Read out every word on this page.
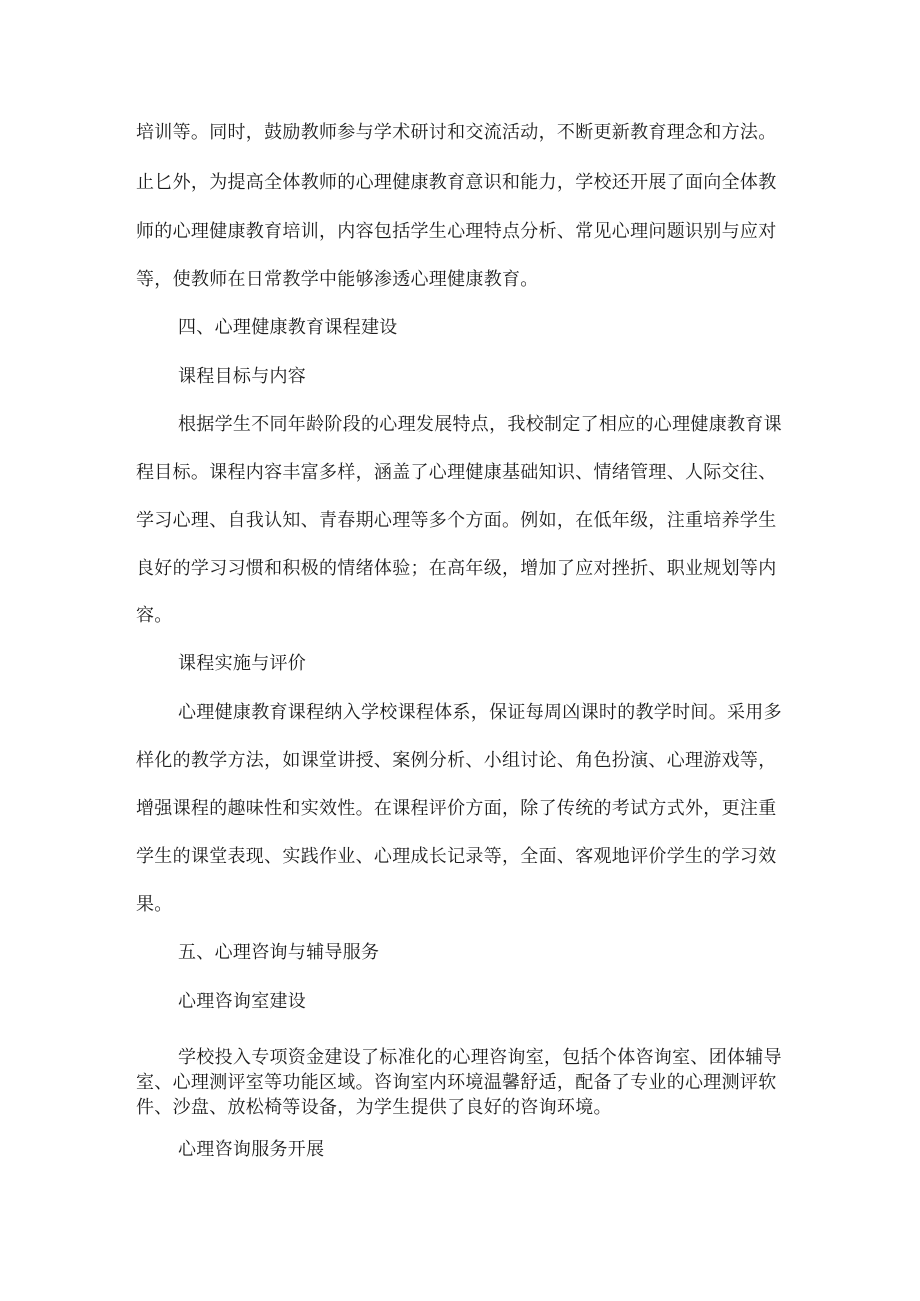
培训等。同时，鼓励教师参与学术研讨和交流活动，不断更新教育理念和方法。
止匕外，为提高全体教师的心理健康教育意识和能力，学校还开展了面向全体教
师的心理健康教育培训，内容包括学生心理特点分析、常见心理问题识别与应对
等，使教师在日常教学中能够渗透心理健康教育。
四、心理健康教育课程建设
课程目标与内容
根据学生不同年龄阶段的心理发展特点，我校制定了相应的心理健康教育课
程目标。课程内容丰富多样，涵盖了心理健康基础知识、情绪管理、人际交往、
学习心理、自我认知、青春期心理等多个方面。例如，在低年级，注重培养学生
良好的学习习惯和积极的情绪体验；在高年级，增加了应对挫折、职业规划等内
容。
课程实施与评价
心理健康教育课程纳入学校课程体系，保证每周凶课时的教学时间。采用多
样化的教学方法，如课堂讲授、案例分析、小组讨论、角色扮演、心理游戏等，
增强课程的趣味性和实效性。在课程评价方面，除了传统的考试方式外，更注重
学生的课堂表现、实践作业、心理成长记录等，全面、客观地评价学生的学习效
果。
五、心理咨询与辅导服务
心理咨询室建设
学校投入专项资金建设了标准化的心理咨询室，包括个体咨询室、团体辅导
室、心理测评室等功能区域。咨询室内环境温馨舒适，配备了专业的心理测评软
件、沙盘、放松椅等设备，为学生提供了良好的咨询环境。
心理咨询服务开展
